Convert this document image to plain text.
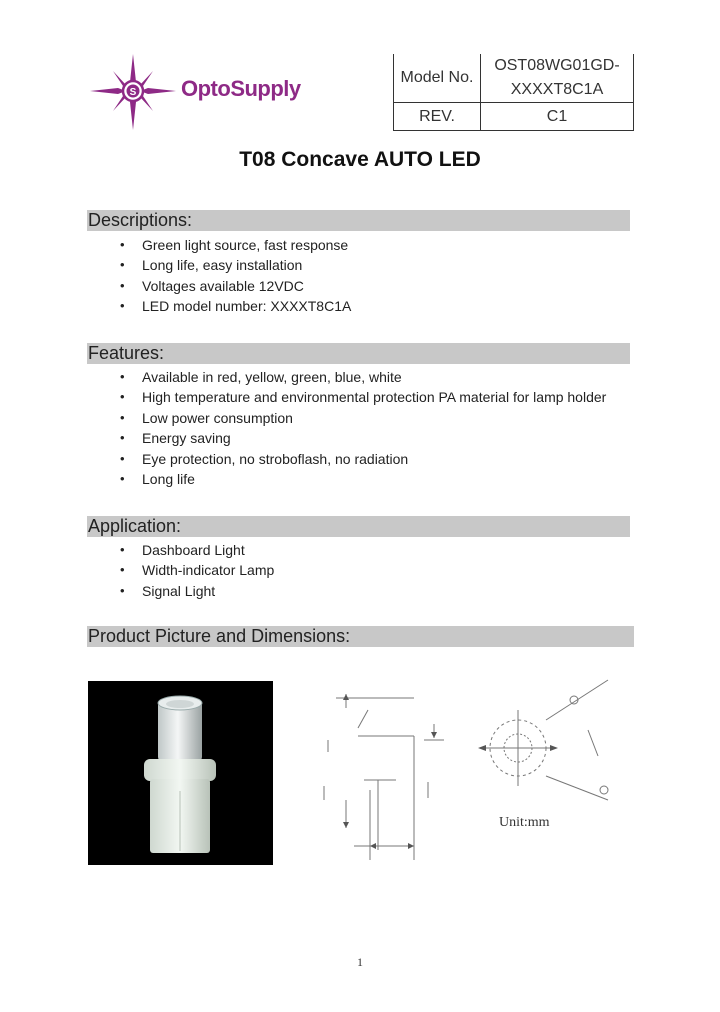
S OptoSupply	Model No.	OST08WG01GD-
XXXXT8C1A

REV.	C1
T08 Concave AUTO LED
Descriptions:
• Green light source, fast response
• Long life, easy installation
• Voltages available 12VDC
• LED model number: XXXXT8C1A
Features:
• Available in red, yellow, green, blue, white
• High temperature and environmental protection PA material for lamp holder
• Low power consumption
• Energy saving
• Eye protection, no stroboflash, no radiation
• Long life
Application:
• Dashboard Light
• Width-indicator Lamp
• Signal Light
Product Picture and Dimensions:
Unit:mm
1
